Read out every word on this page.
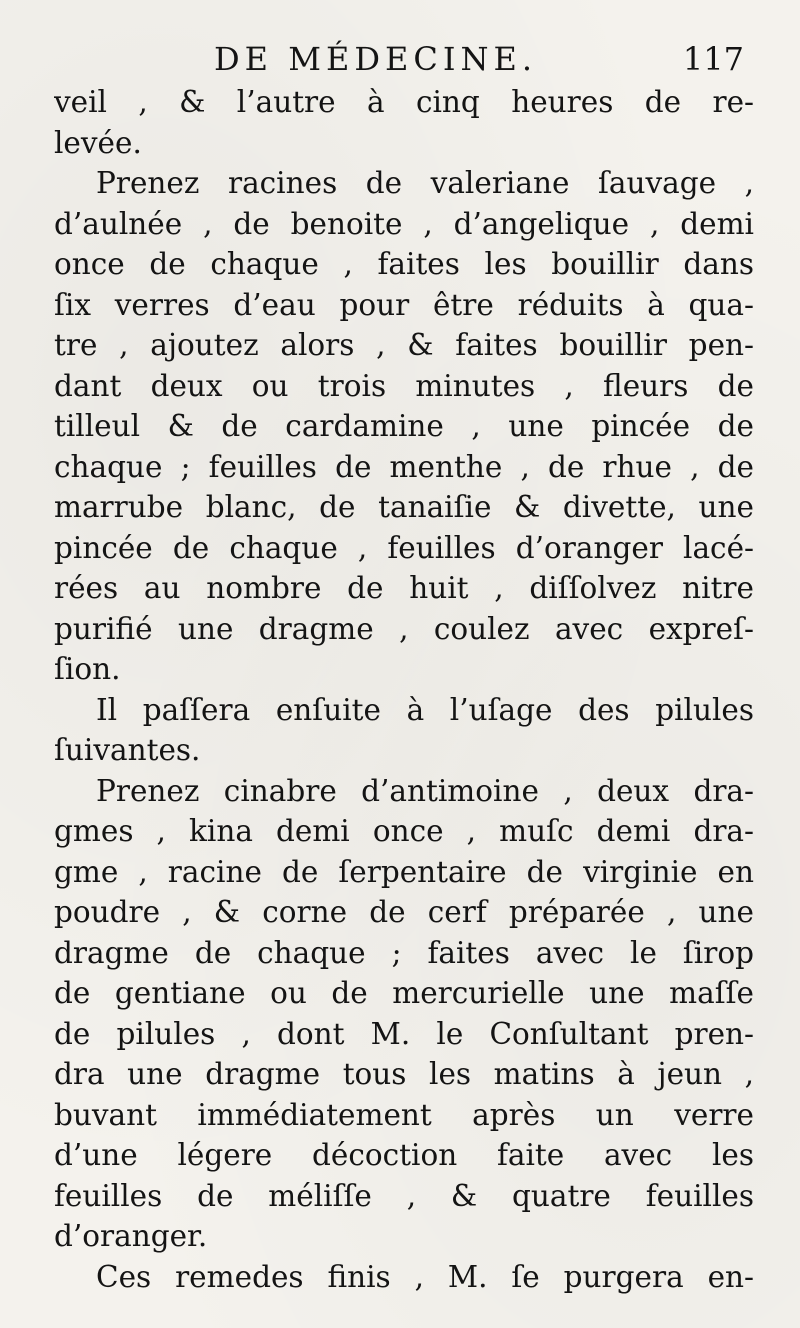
DE MÉDECINE.	117
veil , & l’autre à cinq heures de re-
levée.
Prenez racines de valeriane ſauvage ,
d’aulnée , de benoite , d’angelique , demi
once de chaque , faites les bouillir dans
ſix verres d’eau pour être réduits à qua-
tre , ajoutez alors , & faites bouillir pen-
dant deux ou trois minutes , fleurs de
tilleul & de cardamine , une pincée de
chaque ; feuilles de menthe , de rhue , de
marrube blanc, de tanaiſie & divette, une
pincée de chaque , feuilles d’oranger lacé-
rées au nombre de huit , diſſolvez nitre
purifié une dragme , coulez avec expreſ-
ſion.
Il paſſera enſuite à l’uſage des pilules
ſuivantes.
Prenez cinabre d’antimoine , deux dra-
gmes , kina demi once , muſc demi dra-
gme , racine de ſerpentaire de virginie en
poudre , & corne de cerf préparée , une
dragme de chaque ; faites avec le ſirop
de gentiane ou de mercurielle une maſſe
de pilules , dont M. le Conſultant pren-
dra une dragme tous les matins à jeun ,
buvant immédiatement après un verre
d’une légere décoction faite avec les
feuilles de méliſſe , & quatre feuilles
d’oranger.
Ces remedes finis , M. ſe purgera en-
